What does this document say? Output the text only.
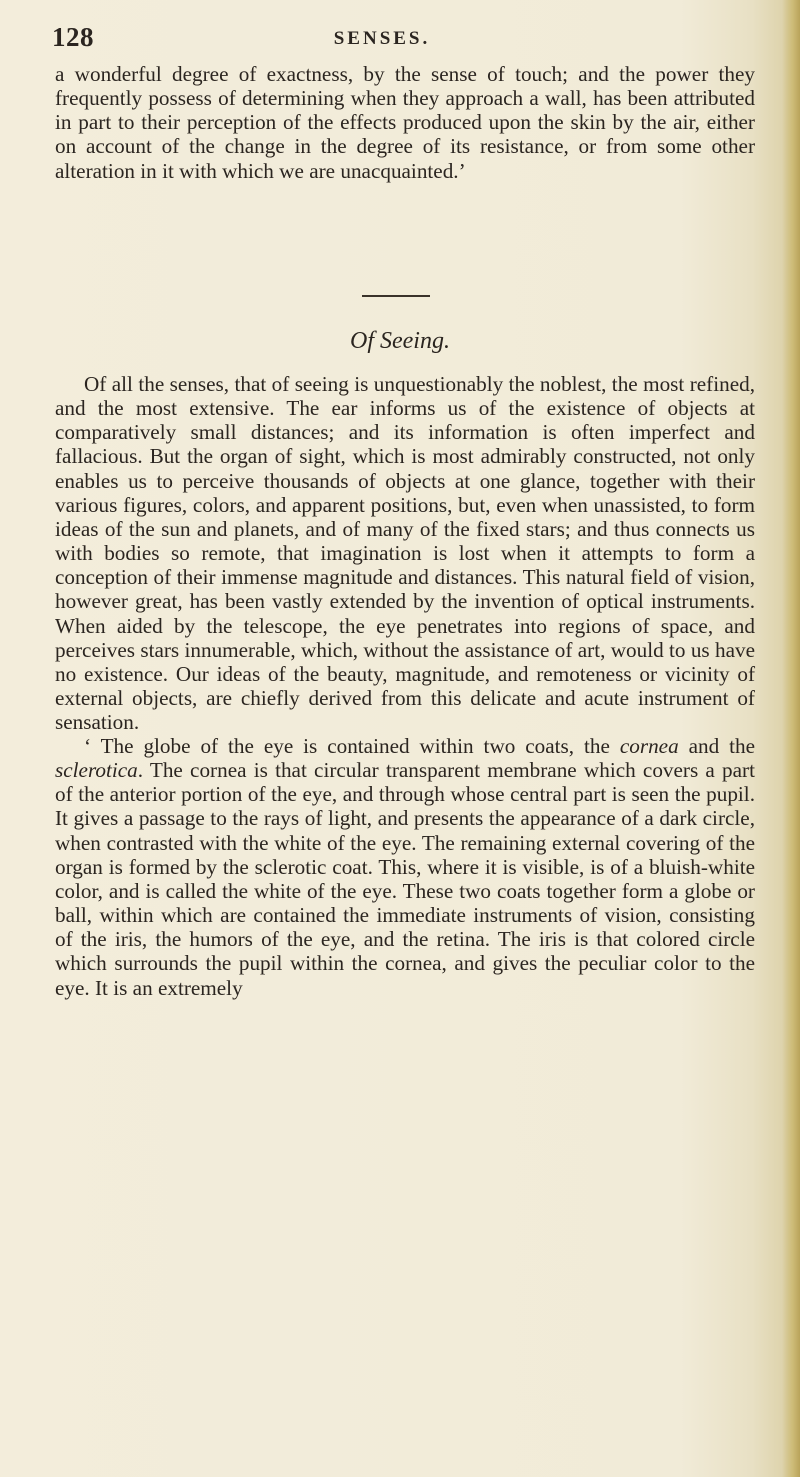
128	SENSES.
a wonderful degree of exactness, by the sense of touch; and the power they frequently possess of determining when they approach a wall, has been attributed in part to their perception of the effects produced upon the skin by the air, either on account of the change in the degree of its resistance, or from some other alteration in it with which we are unacquainted.’
Of Seeing.
Of all the senses, that of seeing is unquestionably the noblest, the most refined, and the most extensive. The ear informs us of the existence of objects at comparatively small distances; and its information is often imperfect and fallacious. But the organ of sight, which is most admirably constructed, not only enables us to perceive thousands of objects at one glance, together with their various figures, colors, and apparent positions, but, even when unassisted, to form ideas of the sun and planets, and of many of the fixed stars; and thus connects us with bodies so remote, that imagination is lost when it attempts to form a conception of their immense magnitude and distances. This natural field of vision, however great, has been vastly extended by the invention of optical instruments. When aided by the telescope, the eye penetrates into regions of space, and perceives stars innumerable, which, without the assistance of art, would to us have no existence. Our ideas of the beauty, magnitude, and remoteness or vicinity of external objects, are chiefly derived from this delicate and acute instrument of sensation.
‘ The globe of the eye is contained within two coats, the cornea and the sclerotica. The cornea is that circular transparent membrane which covers a part of the anterior portion of the eye, and through whose central part is seen the pupil. It gives a passage to the rays of light, and presents the appearance of a dark circle, when contrasted with the white of the eye. The remaining external covering of the organ is formed by the sclerotic coat. This, where it is visible, is of a bluish-white color, and is called the white of the eye. These two coats together form a globe or ball, within which are contained the immediate instruments of vision, consisting of the iris, the humors of the eye, and the retina. The iris is that colored circle which surrounds the pupil within the cornea, and gives the peculiar color to the eye. It is an extremely
